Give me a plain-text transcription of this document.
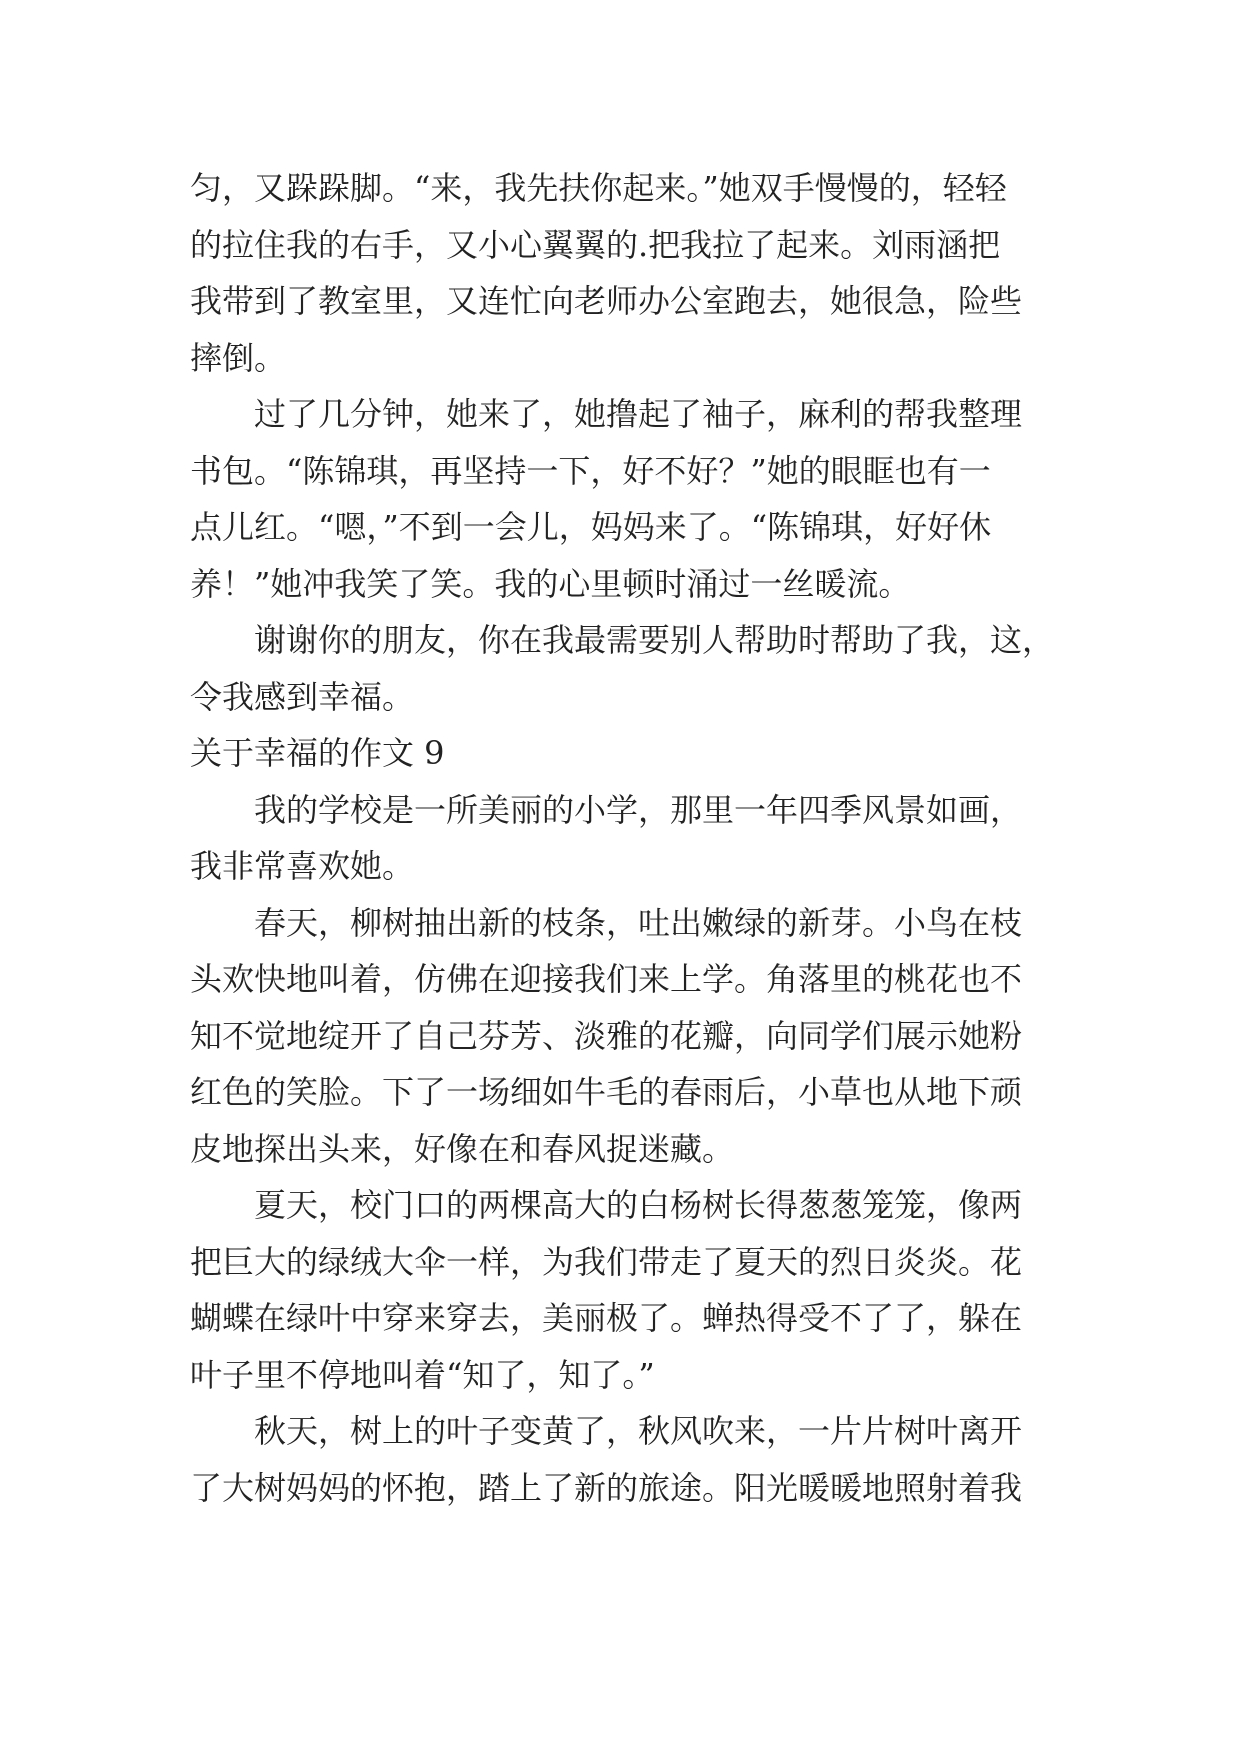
匀，又跺跺脚。“来，我先扶你起来。”她双手慢慢的，轻轻
的拉住我的右手，又小心翼翼的.把我拉了起来。刘雨涵把
我带到了教室里，又连忙向老师办公室跑去，她很急，险些
摔倒。
过了几分钟，她来了，她撸起了袖子，麻利的帮我整理
书包。“陈锦琪，再坚持一下，好不好？”她的眼眶也有一
点儿红。“嗯，”不到一会儿，妈妈来了。“陈锦琪，好好休
养！”她冲我笑了笑。我的心里顿时涌过一丝暖流。
谢谢你的朋友，你在我最需要别人帮助时帮助了我，这，
令我感到幸福。
关于幸福的作文 9
我的学校是一所美丽的小学，那里一年四季风景如画，
我非常喜欢她。
春天，柳树抽出新的枝条，吐出嫩绿的新芽。小鸟在枝
头欢快地叫着，仿佛在迎接我们来上学。角落里的桃花也不
知不觉地绽开了自己芬芳、淡雅的花瓣，向同学们展示她粉
红色的笑脸。下了一场细如牛毛的春雨后，小草也从地下顽
皮地探出头来，好像在和春风捉迷藏。
夏天，校门口的两棵高大的白杨树长得葱葱笼笼，像两
把巨大的绿绒大伞一样，为我们带走了夏天的烈日炎炎。花
蝴蝶在绿叶中穿来穿去，美丽极了。蝉热得受不了了，躲在
叶子里不停地叫着“知了，知了。”
秋天，树上的叶子变黄了，秋风吹来，一片片树叶离开
了大树妈妈的怀抱，踏上了新的旅途。阳光暖暖地照射着我
